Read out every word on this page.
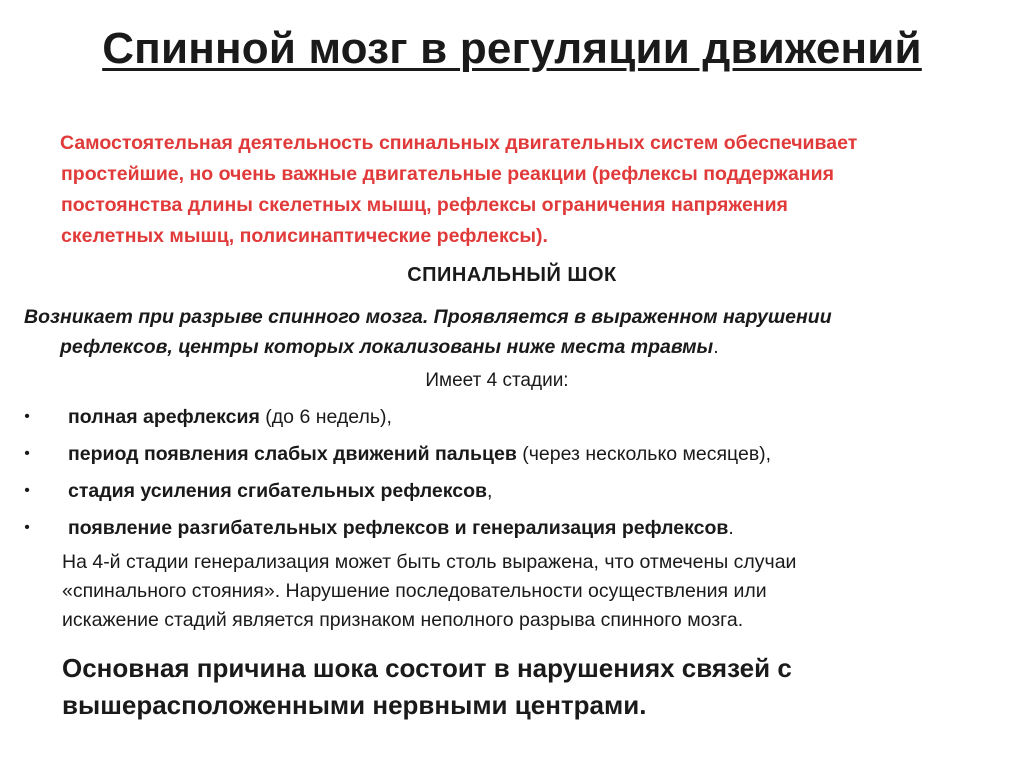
Спинной мозг в регуляции движений
Самостоятельная деятельность спинальных двигательных систем обеспечивает
простейшие, но очень важные двигательные реакции (рефлексы поддержания
постоянства длины скелетных мышц, рефлексы ограничения напряжения
скелетных мышц, полисинаптические рефлексы).
СПИНАЛЬНЫЙ ШОК
Возникает при разрыве спинного мозга. Проявляется в выраженном нарушении
рефлексов, центры которых локализованы ниже места травмы.
Имеет 4 стадии:
• полная арефлексия (до 6 недель),
• период появления слабых движений пальцев (через несколько месяцев),
• стадия усиления сгибательных рефлексов,
• появление разгибательных рефлексов и генерализация рефлексов.
На 4-й стадии генерализация может быть столь выражена, что отмечены случаи
«спинального стояния». Нарушение последовательности осуществления или
искажение стадий является признаком неполного разрыва спинного мозга.
Основная причина шока состоит в нарушениях связей с
вышерасположенными нервными центрами.
